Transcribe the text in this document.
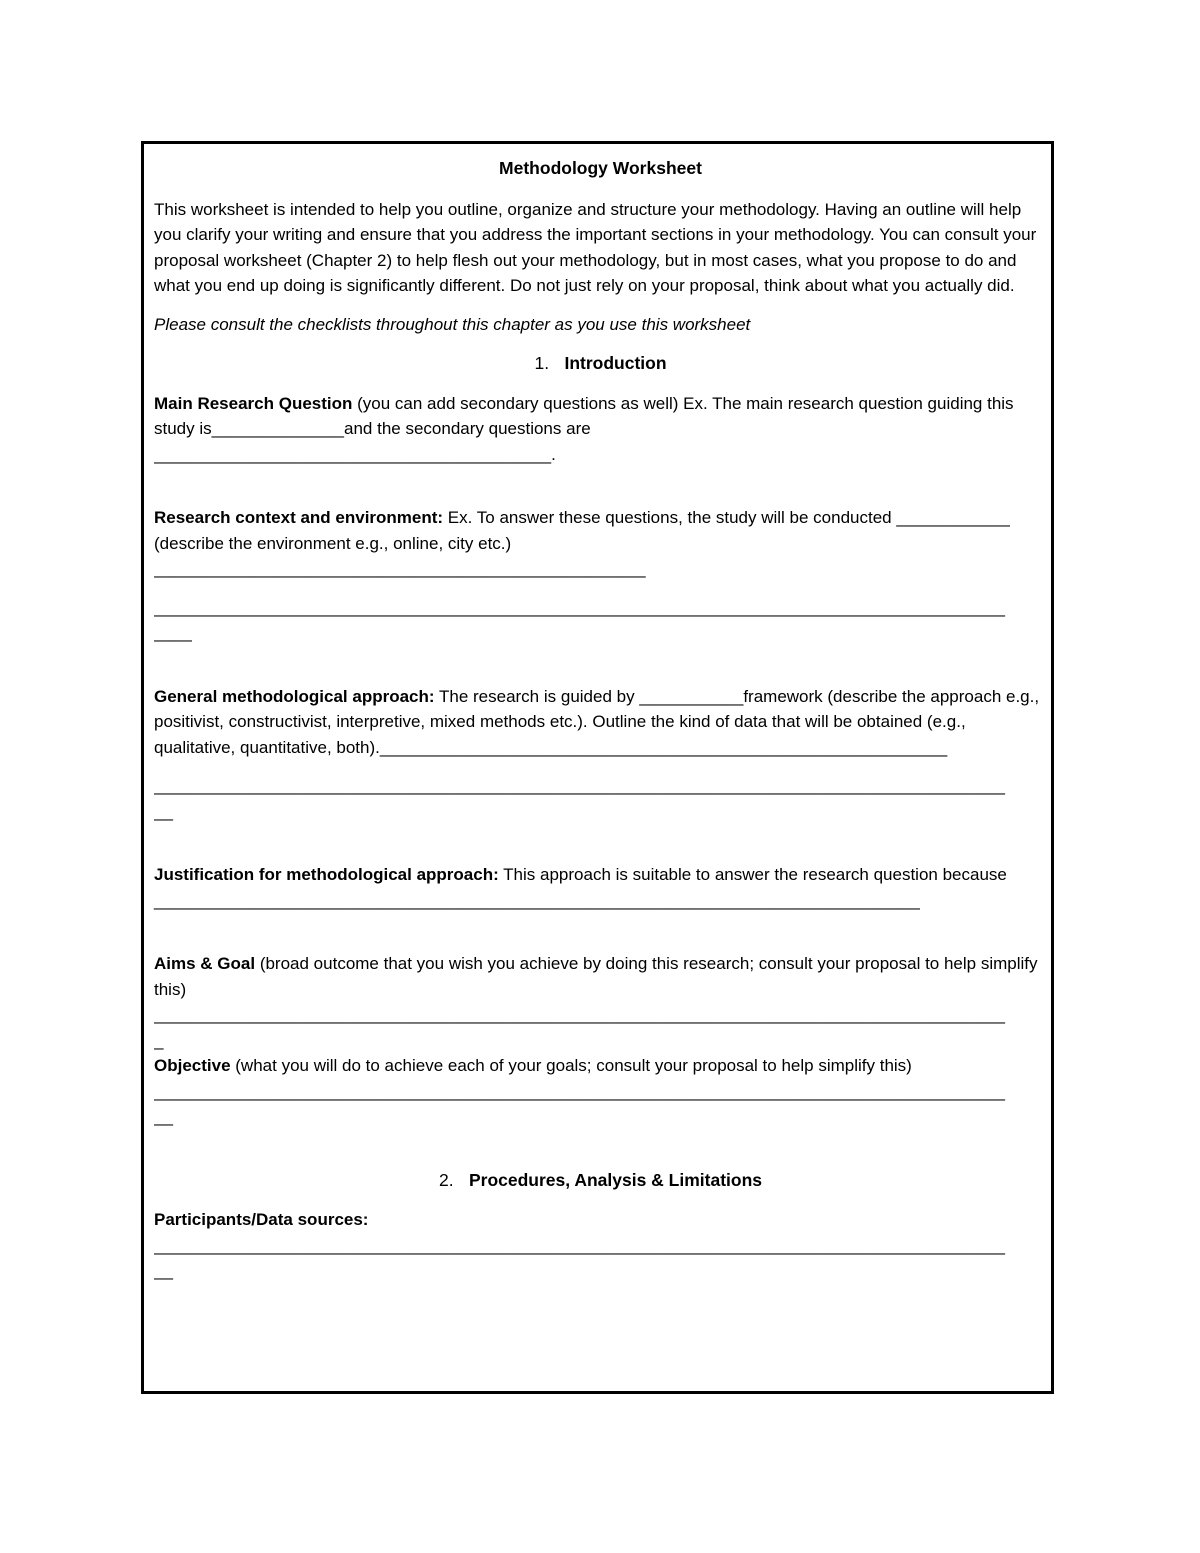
Methodology Worksheet

This worksheet is intended to help you outline, organize and structure your methodology. Having an outline will help you clarify your writing and ensure that you address the important sections in your methodology. You can consult your proposal worksheet (Chapter 2) to help flesh out your methodology, but in most cases, what you propose to do and what you end up doing is significantly different. Do not just rely on your proposal, think about what you actually did.

Please consult the checklists throughout this chapter as you use this worksheet

1. Introduction

Main Research Question (you can add secondary questions as well) Ex. The main research question guiding this study is______________and the secondary questions are
__________________________________________.

Research context and environment: Ex. To answer these questions, the study will be conducted ____________ (describe the environment e.g., online, city etc.)
____________________________________________________

__________________________________________________________________________________________
____

General methodological approach: The research is guided by ___________framework (describe the approach e.g., positivist, constructivist, interpretive, mixed methods etc.). Outline the kind of data that will be obtained (e.g., qualitative, quantitative, both).____________________________________________________________

__________________________________________________________________________________________
__

Justification for methodological approach: This approach is suitable to answer the research question because _________________________________________________________________________________

Aims & Goal (broad outcome that you wish you achieve by doing this research; consult your proposal to help simplify this)
__________________________________________________________________________________________
_

Objective (what you will do to achieve each of your goals; consult your proposal to help simplify this)
__________________________________________________________________________________________
__

2. Procedures, Analysis & Limitations

Participants/Data sources:
__________________________________________________________________________________________
__
